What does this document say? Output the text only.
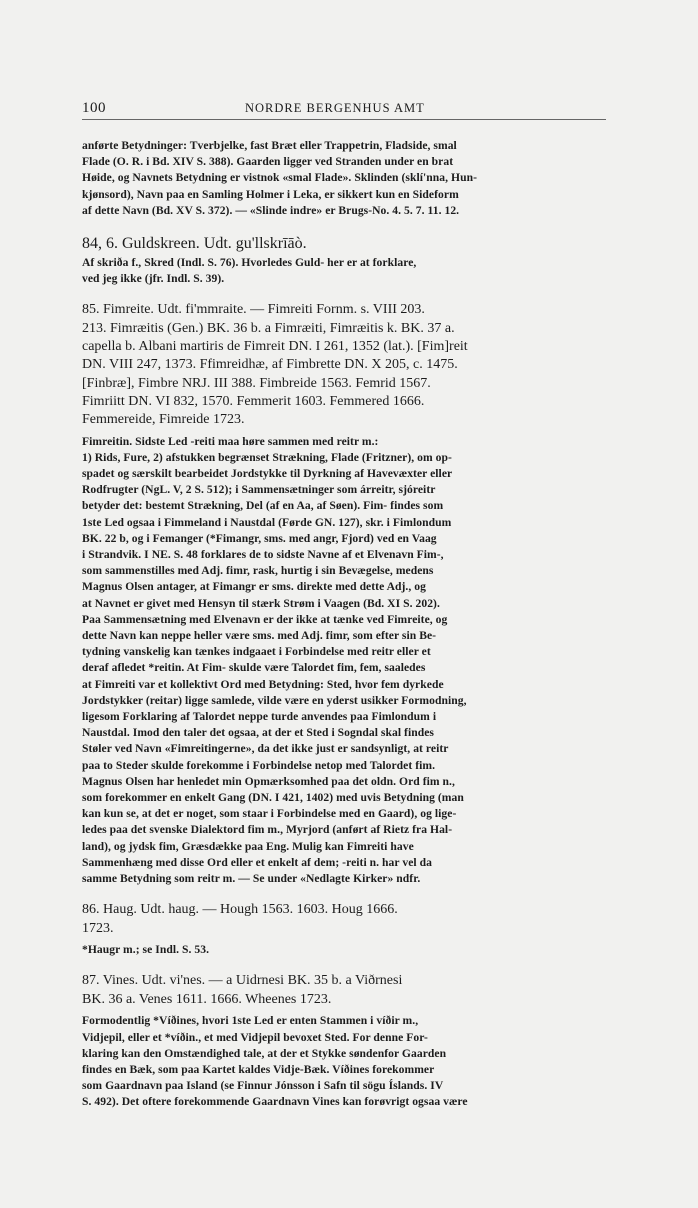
100	NORDRE BERGENHUS AMT
anførte Betydninger: Tverbjelke, fast Bræt eller Trappetrin, Fladside, smal
Flade (O. R. i Bd. XIV S. 388). Gaarden ligger ved Stranden under en brat
Høide, og Navnets Betydning er vistnok «smal Flade». Sklinden (sklí'nna, Hun-
kjønsord), Navn paa en Samling Holmer i Leka, er sikkert kun en Sideform
af dette Navn (Bd. XV S. 372). — «Slinde indre» er Brugs-No. 4. 5. 7. 11. 12.
84, 6. Guldskreen. Udt. gu'llskrīāò.
Af skriða f., Skred (Indl. S. 76). Hvorledes Guld- her er at forklare,
ved jeg ikke (jfr. Indl. S. 39).
85. Fimreite. Udt. fi'mmraite. — Fimreiti Fornm. s. VIII 203.
213. Fimræitis (Gen.) BK. 36 b. a Fimræiti, Fimræitis k. BK. 37 a.
capella b. Albani martiris de Fimreit DN. I 261, 1352 (lat.). [Fim]reit
DN. VIII 247, 1373. Ffimreidhæ, af Fimbrette DN. X 205, c. 1475.
[Finbræ], Fimbre NRJ. III 388. Fimbreide 1563. Femrid 1567.
Fimriitt DN. VI 832, 1570. Femmerit 1603. Femmered 1666.
Femmereide, Fimreide 1723.
Fimreitin. Sidste Led -reiti maa høre sammen med reitr m.:
1) Rids, Fure, 2) afstukken begrænset Strækning, Flade (Fritzner), om op-
spadet og særskilt bearbeidet Jordstykke til Dyrkning af Havevæxter eller
Rodfrugter (NgL. V, 2 S. 512); i Sammensætninger som árreitr, sjóreitr
betyder det: bestemt Strækning, Del (af en Aa, af Søen). Fim- findes som
1ste Led ogsaa i Fimmeland i Naustdal (Førde GN. 127), skr. i Fimlondum
BK. 22 b, og i Femanger (*Fimangr, sms. med angr, Fjord) ved en Vaag
i Strandvik. I NE. S. 48 forklares de to sidste Navne af et Elvenavn Fim-,
som sammenstilles med Adj. fimr, rask, hurtig i sin Bevægelse, medens
Magnus Olsen antager, at Fimangr er sms. direkte med dette Adj., og
at Navnet er givet med Hensyn til stærk Strøm i Vaagen (Bd. XI S. 202).
Paa Sammensætning med Elvenavn er der ikke at tænke ved Fimreite, og
dette Navn kan neppe heller være sms. med Adj. fimr, som efter sin Be-
tydning vanskelig kan tænkes indgaaet i Forbindelse med reitr eller et
deraf afledet *reitin. At Fim- skulde være Talordet fim, fem, saaledes
at Fimreiti var et kollektivt Ord med Betydning: Sted, hvor fem dyrkede
Jordstykker (reitar) ligge samlede, vilde være en yderst usikker Formodning,
ligesom Forklaring af Talordet neppe turde anvendes paa Fimlondum i
Naustdal. Imod den taler det ogsaa, at der et Sted i Sogndal skal findes
Støler ved Navn «Fimreitingerne», da det ikke just er sandsynligt, at reitr
paa to Steder skulde forekomme i Forbindelse netop med Talordet fim.
Magnus Olsen har henledet min Opmærksomhed paa det oldn. Ord fim n.,
som forekommer en enkelt Gang (DN. I 421, 1402) med uvis Betydning (man
kan kun se, at det er noget, som staar i Forbindelse med en Gaard), og lige-
ledes paa det svenske Dialektord fim m., Myrjord (anført af Rietz fra Hal-
land), og jydsk fim, Græsdække paa Eng. Mulig kan Fimreiti have
Sammenhæng med disse Ord eller et enkelt af dem; -reiti n. har vel da
samme Betydning som reitr m. — Se under «Nedlagte Kirker» ndfr.
86. Haug. Udt. haug. — Hough 1563. 1603. Houg 1666.
1723.
*Haugr m.; se Indl. S. 53.
87. Vines. Udt. vi'nes. — a Uidrnesi BK. 35 b. a Viðrnesi
BK. 36 a. Venes 1611. 1666. Wheenes 1723.
Formodentlig *Víðines, hvori 1ste Led er enten Stammen i víðir m.,
Vidjepil, eller et *víðin., et med Vidjepil bevoxet Sted. For denne For-
klaring kan den Omstændighed tale, at der et Stykke søndenfor Gaarden
findes en Bæk, som paa Kartet kaldes Vidje-Bæk. Víðines forekommer
som Gaardnavn paa Island (se Finnur Jónsson i Safn til sögu Íslands. IV
S. 492). Det oftere forekommende Gaardnavn Vines kan forøvrigt ogsaa være
